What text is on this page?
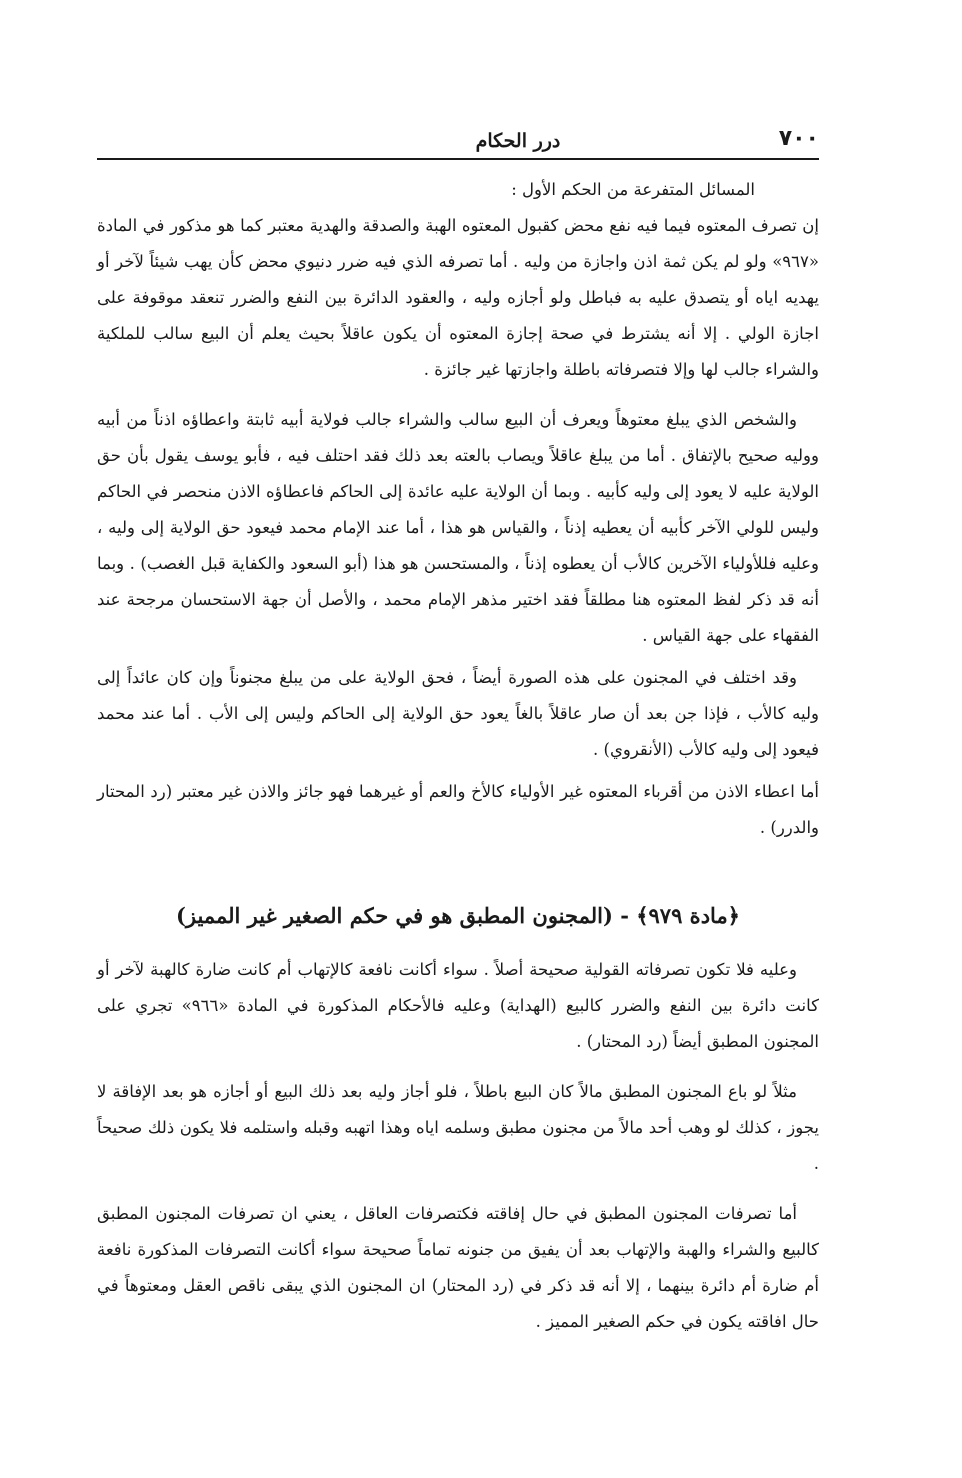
٧٠٠
درر الحكام

المسائل المتفرعة من الحكم الأول :

إن تصرف المعتوه فيما فيه نفع محض كقبول المعتوه الهبة والصدقة والهدية معتبر كما هو مذكور في المادة «٩٦٧» ولو لم يكن ثمة اذن واجازة من وليه . أما تصرفه الذي فيه ضرر دنيوي محض كأن يهب شيئاً لآخر أو يهديه اياه أو يتصدق عليه به فباطل ولو أجازه وليه ، والعقود الدائرة بين النفع والضرر تنعقد موقوفة على اجازة الولي . إلا أنه يشترط في صحة إجازة المعتوه أن يكون عاقلاً بحيث يعلم أن البيع سالب للملكية والشراء جالب لها وإلا فتصرفاته باطلة واجازتها غير جائزة .

والشخص الذي يبلغ معتوهاً ويعرف أن البيع سالب والشراء جالب فولاية أبيه ثابتة واعطاؤه اذناً من أبيه ووليه صحيح بالإتفاق . أما من يبلغ عاقلاً ويصاب بالعته بعد ذلك فقد احتلف فيه ، فأبو يوسف يقول بأن حق الولاية عليه لا يعود إلى وليه كأبيه . وبما أن الولاية عليه عائدة إلى الحاكم فاعطاؤه الاذن منحصر في الحاكم وليس للولي الآخر كأبيه أن يعطيه إذناً ، والقياس هو هذا ، أما عند الإمام محمد فيعود حق الولاية إلى وليه ، وعليه فللأولياء الآخرين كالأب أن يعطوه إذناً ، والمستحسن هو هذا (أبو السعود والكفاية قبل الغصب) . وبما أنه قد ذكر لفظ المعتوه هنا مطلقاً فقد اختير مذهر الإمام محمد ، والأصل أن جهة الاستحسان مرجحة عند الفقهاء على جهة القياس .

وقد اختلف في المجنون على هذه الصورة أيضاً ، فحق الولاية على من يبلغ مجنوناً وإن كان عائداً إلى وليه كالأب ، فإذا جن بعد أن صار عاقلاً بالغاً يعود حق الولاية إلى الحاكم وليس إلى الأب . أما عند محمد فيعود إلى وليه كالأب (الأنقروي) .

أما اعطاء الاذن من أقرباء المعتوه غير الأولياء كالأخ والعم أو غيرهما فهو جائز والاذن غير معتبر (رد المحتار والدرر) .

﴿مادة ٩٧٩﴾ - (المجنون المطبق هو في حكم الصغير غير المميز)

وعليه فلا تكون تصرفاته القولية صحيحة أصلاً . سواء أكانت نافعة كالإتهاب أم كانت ضارة كالهبة لآخر أو كانت دائرة بين النفع والضرر كالبيع (الهداية) وعليه فالأحكام المذكورة في المادة «٩٦٦» تجري على المجنون المطبق أيضاً (رد المحتار) .

مثلاً لو باع المجنون المطبق مالاً كان البيع باطلاً ، فلو أجاز وليه بعد ذلك البيع أو أجازه هو بعد الإفاقة لا يجوز ، كذلك لو وهب أحد مالاً من مجنون مطبق وسلمه اياه وهذا اتهبه وقبله واستلمه فلا يكون ذلك صحيحاً .

أما تصرفات المجنون المطبق في حال إفاقته فكتصرفات العاقل ، يعني ان تصرفات المجنون المطبق كالبيع والشراء والهبة والإتهاب بعد أن يفيق من جنونه تماماً صحيحة سواء أكانت التصرفات المذكورة نافعة أم ضارة أم دائرة بينهما ، إلا أنه قد ذكر في (رد المحتار) ان المجنون الذي يبقى ناقص العقل ومعتوهاً في حال افاقته يكون في حكم الصغير المميز .
